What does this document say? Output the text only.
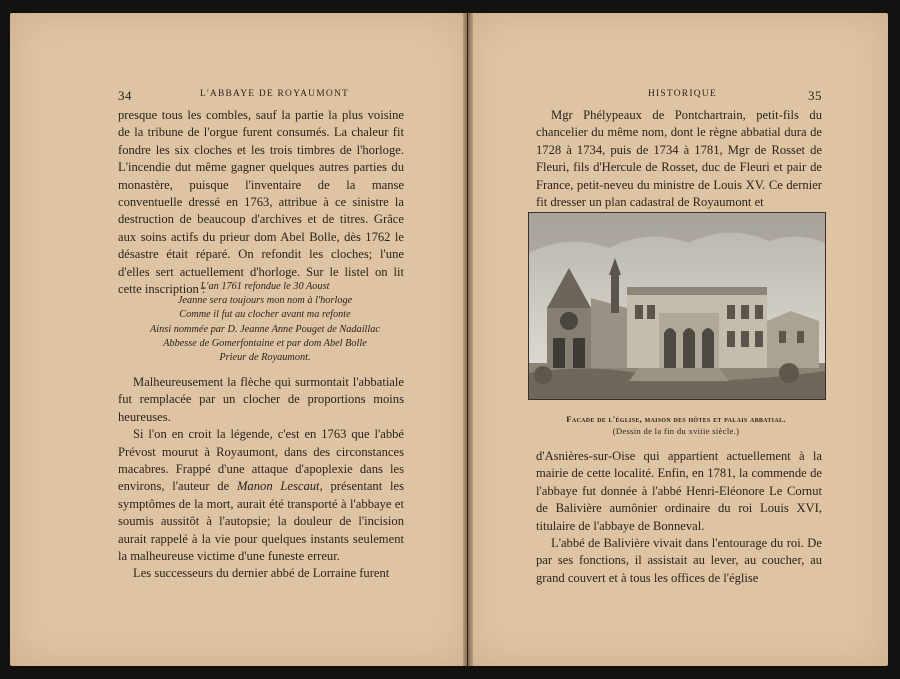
34	L'ABBAYE DE ROYAUMONT

presque tous les combles, sauf la partie la plus voisine de la tribune de l'orgue furent consumés. La chaleur fit fondre les six cloches et les trois timbres de l'horloge. L'incendie dut même gagner quelques autres parties du monastère, puisque l'inventaire de la manse conventuelle dressé en 1763, attribue à ce sinistre la destruction de beaucoup d'archives et de titres. Grâce aux soins actifs du prieur dom Abel Bolle, dès 1762 le désastre était réparé. On refondit les cloches; l'une d'elles sert actuellement d'horloge. Sur le listel on lit cette inscription :

L'an 1761 refondue le 30 Aoust
Jeanne sera toujours mon nom à l'horloge
Comme il fut au clocher avant ma refonte
Ainsi nommée par D. Jeanne Anne Pouget de Nadaillac
Abbesse de Gomerfontaine et par dom Abel Bolle
Prieur de Royaumont.

Malheureusement la flèche qui surmontait l'abbatiale fut remplacée par un clocher de proportions moins heureuses.

Si l'on en croit la légende, c'est en 1763 que l'abbé Prévost mourut à Royaumont, dans des circonstances macabres. Frappé d'une attaque d'apoplexie dans les environs, l'auteur de Manon Lescaut, présentant les symptômes de la mort, aurait été transporté à l'abbaye et soumis aussitôt à l'autopsie; la douleur de l'incision aurait rappelé à la vie pour quelques instants seulement la malheureuse victime d'une funeste erreur.

Les successeurs du dernier abbé de Lorraine furent

HISTORIQUE	35

Mgr Phélypeaux de Pontchartrain, petit-fils du chancelier du même nom, dont le règne abbatial dura de 1728 à 1734, puis de 1734 à 1781, Mgr de Rosset de Fleuri, fils d'Hercule de Rosset, duc de Fleuri et pair de France, petit-neveu du ministre de Louis XV. Ce dernier fit dresser un plan cadastral de Royaumont et

Facade de l'église, maison des hôtes et palais abbatial.
(Dessin de la fin du xviiie siècle.)

d'Asnières-sur-Oise qui appartient actuellement à la mairie de cette localité. Enfin, en 1781, la commende de l'abbaye fut donnée à l'abbé Henri-Eléonore Le Cornut de Balivière aumônier ordinaire du roi Louis XVI, titulaire de l'abbaye de Bonneval.

L'abbé de Balivière vivait dans l'entourage du roi. De par ses fonctions, il assistait au lever, au coucher, au grand couvert et à tous les offices de l'église
